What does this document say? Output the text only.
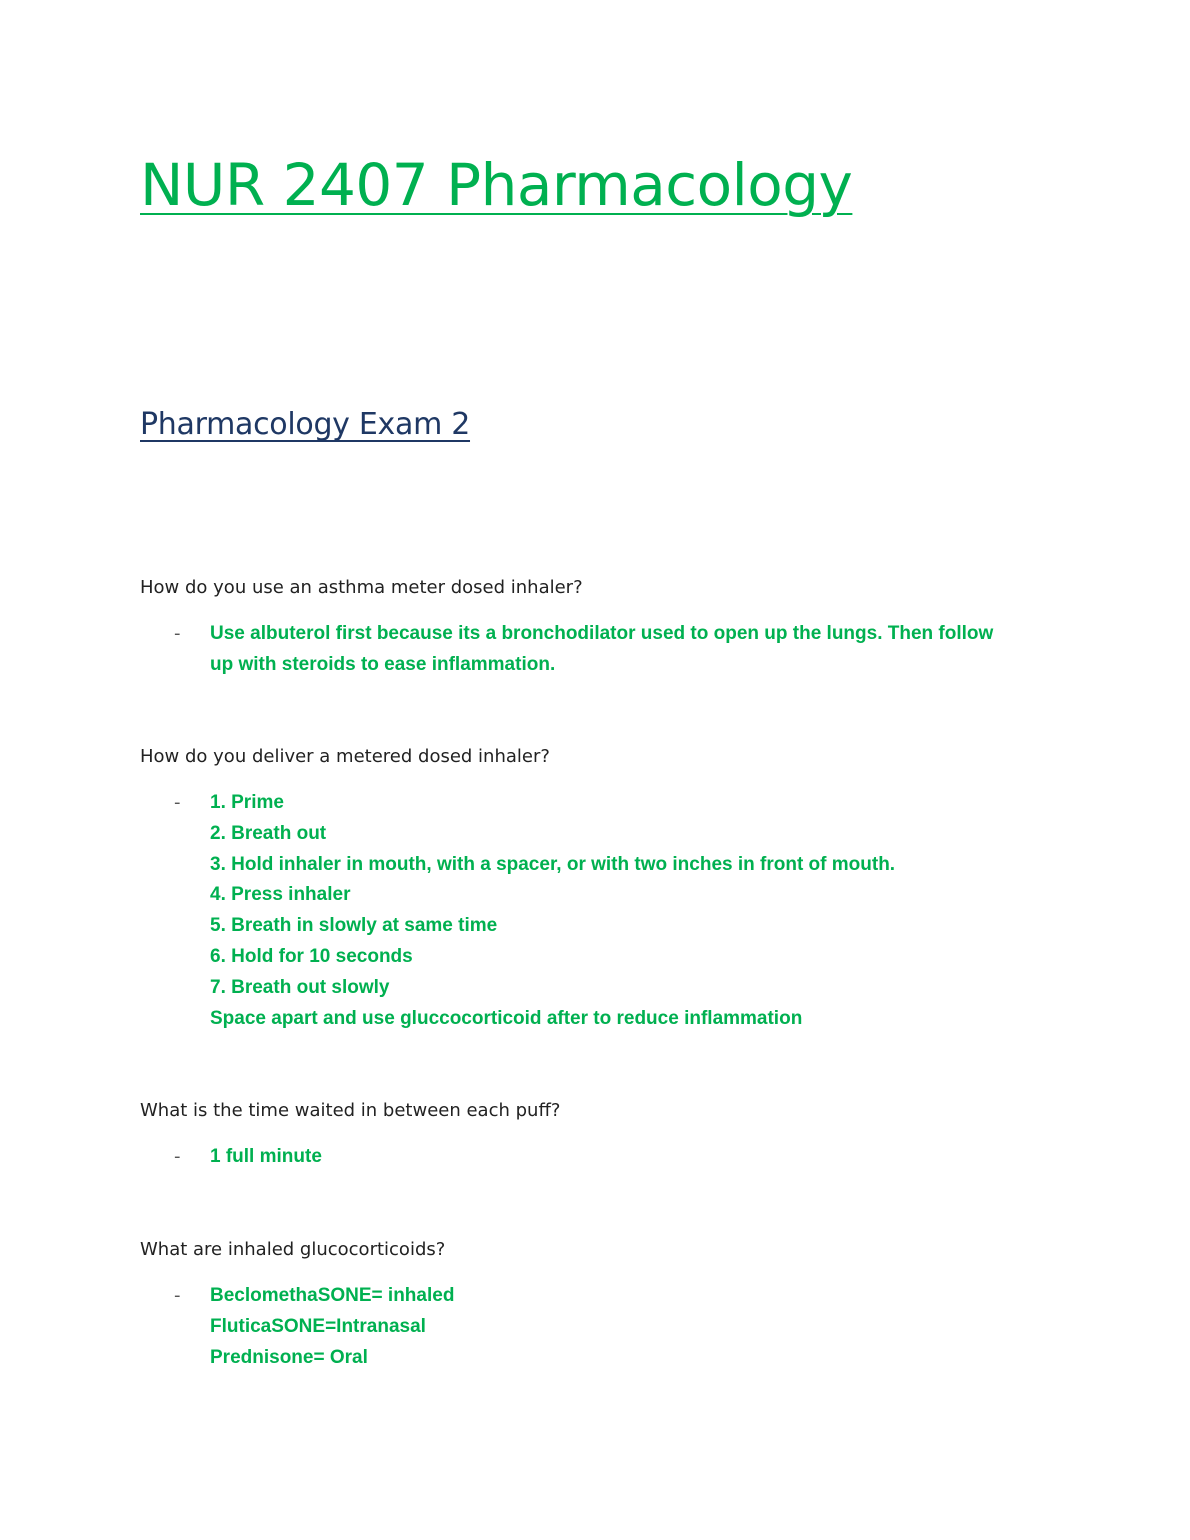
NUR 2407 Pharmacology
Pharmacology Exam 2

How do you use an asthma meter dosed inhaler?

- Use albuterol first because its a bronchodilator used to open up the lungs. Then follow
up with steroids to ease inflammation.

How do you deliver a metered dosed inhaler?

- 1. Prime
2. Breath out
3. Hold inhaler in mouth, with a spacer, or with two inches in front of mouth.
4. Press inhaler
5. Breath in slowly at same time
6. Hold for 10 seconds
7. Breath out slowly
Space apart and use gluccocorticoid after to reduce inflammation

What is the time waited in between each puff?

- 1 full minute

What are inhaled glucocorticoids?

- BeclomethaSONE= inhaled
FluticaSONE=Intranasal
Prednisone= Oral
